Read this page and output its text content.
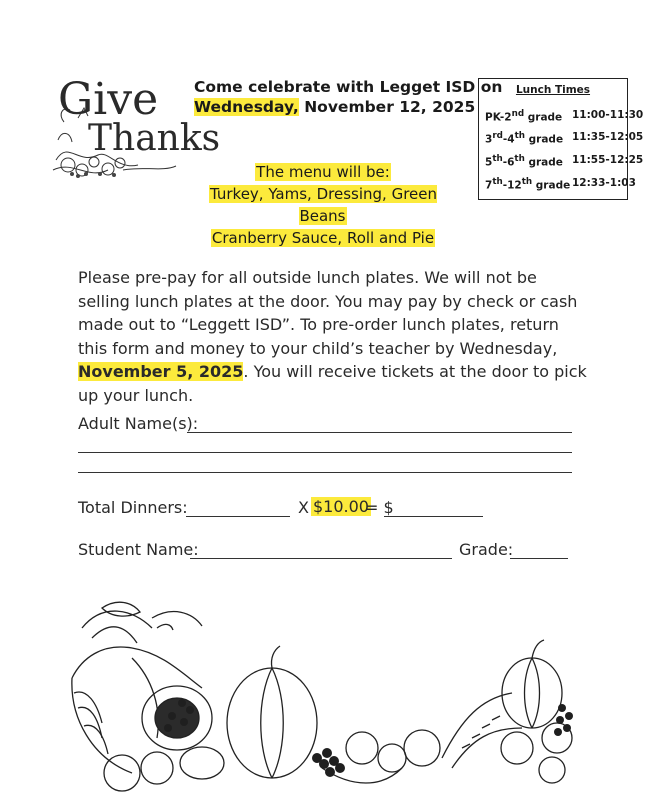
Give
Thanks
Come celebrate with Legget ISD on
Wednesday, November 12, 2025
The menu will be:
Turkey, Yams, Dressing, Green Beans
Cranberry Sauce, Roll and Pie
Lunch Times
PK-2nd grade 11:00-11:30
3rd-4th grade 11:35-12:05
5th-6th grade 11:55-12:25
7th-12th grade 12:33-1:03
Please pre-pay for all outside lunch plates. We will not be selling lunch plates at the door. You may pay by check or cash made out to “Leggett ISD”. To pre-order lunch plates, return this form and money to your child’s teacher by Wednesday, November 5, 2025. You will receive tickets at the door to pick up your lunch.
Adult Name(s):
Total Dinners:	X $10.00
= $
Student Name:	Grade:
